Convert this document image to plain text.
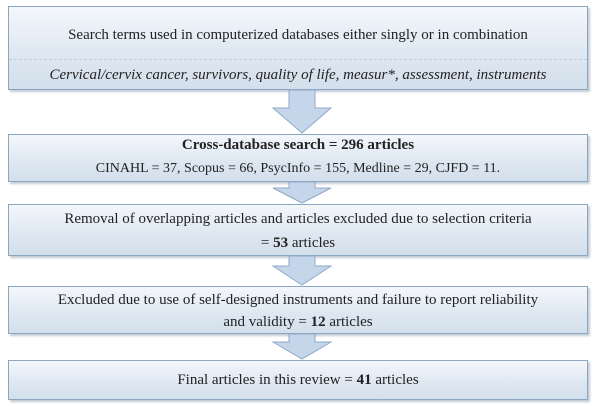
Search terms used in computerized databases either singly or in combination
Cervical/cervix cancer, survivors, quality of life, measur*, assessment, instruments
Cross-database search = 296 articles
CINAHL = 37, Scopus = 66, PsycInfo = 155, Medline = 29, CJFD = 11.
Removal of overlapping articles and articles excluded due to selection criteria
= 53 articles
Excluded due to use of self-designed instruments and failure to report reliability
and validity = 12 articles
Final articles in this review = 41 articles
